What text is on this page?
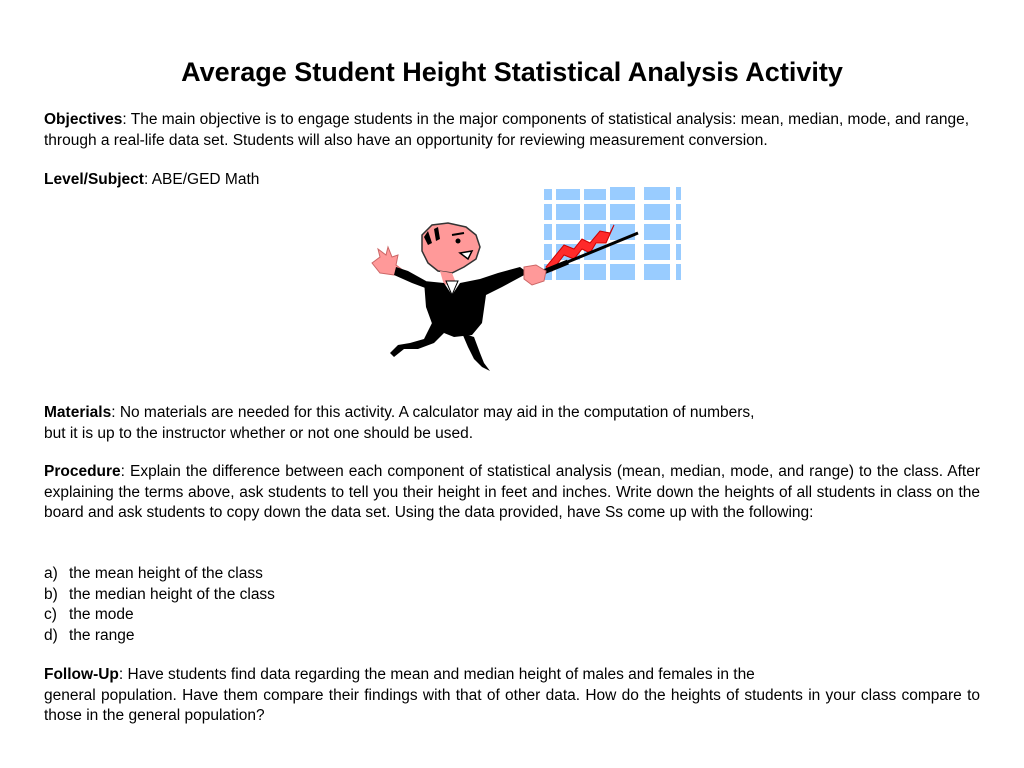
Average Student Height Statistical Analysis Activity

Objectives: The main objective is to engage students in the major components of statistical analysis: mean, median, mode, and range, through a real-life data set. Students will also have an opportunity for reviewing measurement conversion.

Level/Subject: ABE/GED Math

Materials: No materials are needed for this activity. A calculator may aid in the computation of numbers,
but it is up to the instructor whether or not one should be used.

Procedure: Explain the difference between each component of statistical analysis (mean, median, mode, and range) to the class. After explaining the terms above, ask students to tell you their height in feet and inches. Write down the heights of all students in class on the board and ask students to copy down the data set. Using the data provided, have Ss come up with the following:

a) the mean height of the class
b) the median height of the class
c) the mode
d) the range

Follow-Up: Have students find data regarding the mean and median height of males and females in the
general population. Have them compare their findings with that of other data. How do the heights of students in your class compare to those in the general population?
